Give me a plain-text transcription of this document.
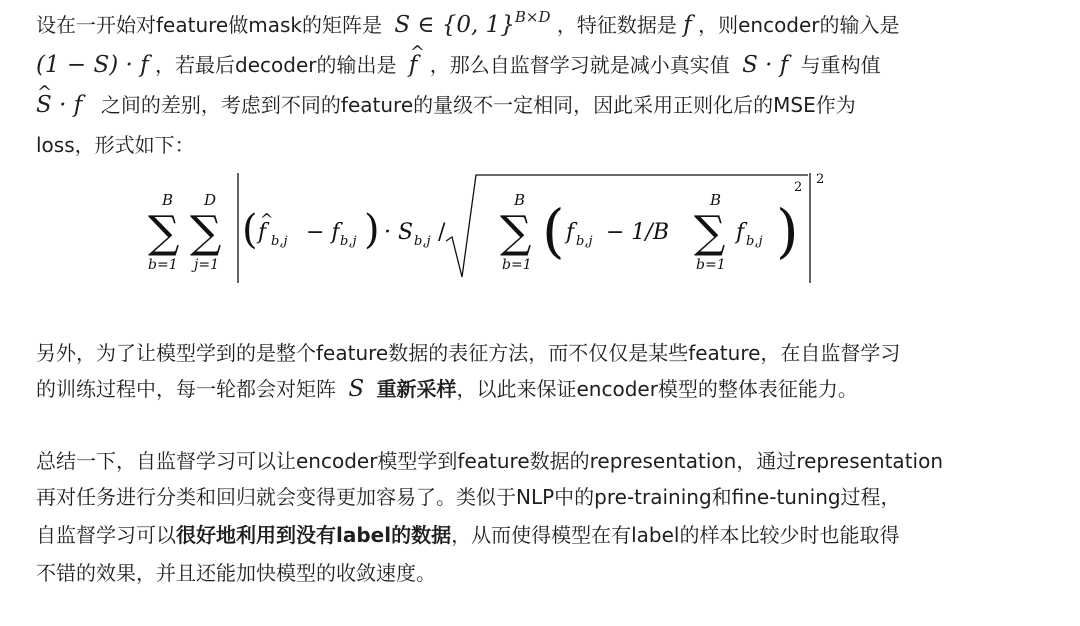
设在一开始对feature做mask的矩阵是 S ∈ {0, 1}$^{B\times D}$ ，特征数据是 f ，则encoder的输入是
(1 − S) · f ，若最后decoder的输出是 ^ f ，那么自监督学习就是减小真实值 S · f 与重构值
^ S · f 之间的差别，考虑到不同的feature的量级不一定相同，因此采用正则化后的MSE作为
loss，形式如下：
B
∑
b=1
D
∑
j=1
( f
^
b,j − f b,j ) · S b,j /
B
∑
b=1 ( f b,j − 1/B
B
∑
b=1
f b,j )
2
2
另外，为了让模型学到的是整个feature数据的表征方法，而不仅仅是某些feature，在自监督学习
的训练过程中，每一轮都会对矩阵 S 重新采样，以此来保证encoder模型的整体表征能力。
总结一下，自监督学习可以让encoder模型学到feature数据的representation，通过representation
再对任务进行分类和回归就会变得更加容易了。类似于NLP中的pre-training和fine-tuning过程，
自监督学习可以很好地利用到没有label的数据，从而使得模型在有label的样本比较少时也能取得
不错的效果，并且还能加快模型的收敛速度。
